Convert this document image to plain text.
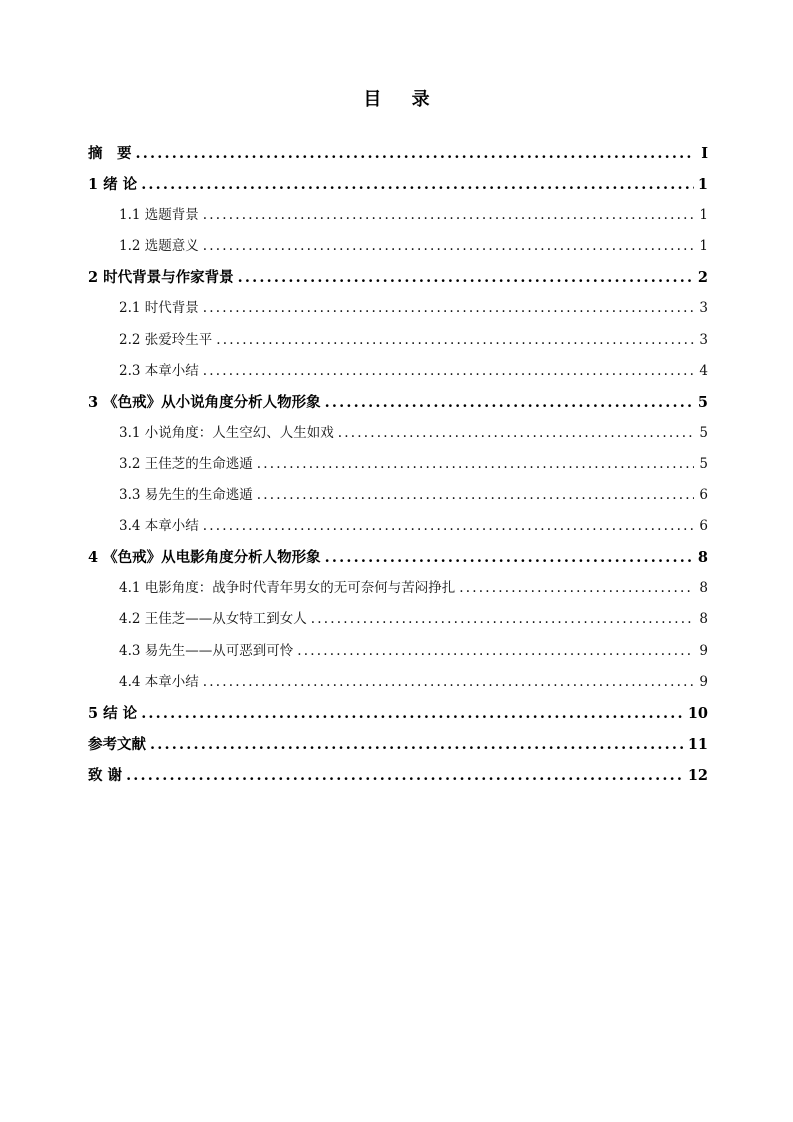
目 录
摘　要 .....	I
1 绪 论 .....	1
1.1 选题背景 .....	1
1.2 选题意义 .....	1
2 时代背景与作家背景 .....	2
2.1 时代背景 .....	3
2.2 张爱玲生平 .....	3
2.3 本章小结 .....	4
3 《色戒》从小说角度分析人物形象 .....	5
3.1 小说角度：人生空幻、人生如戏 .....	5
3.2 王佳芝的生命逃遁 .....	5
3.3 易先生的生命逃遁 .....	6
3.4 本章小结 .....	6
4 《色戒》从电影角度分析人物形象 .....	8
4.1 电影角度：战争时代青年男女的无可奈何与苦闷挣扎 .....	8
4.2 王佳芝——从女特工到女人 .....	8
4.3 易先生——从可恶到可怜 .....	9
4.4 本章小结 .....	9
5 结 论 .....	10
参考文献 .....	11
致 谢 .....	12
